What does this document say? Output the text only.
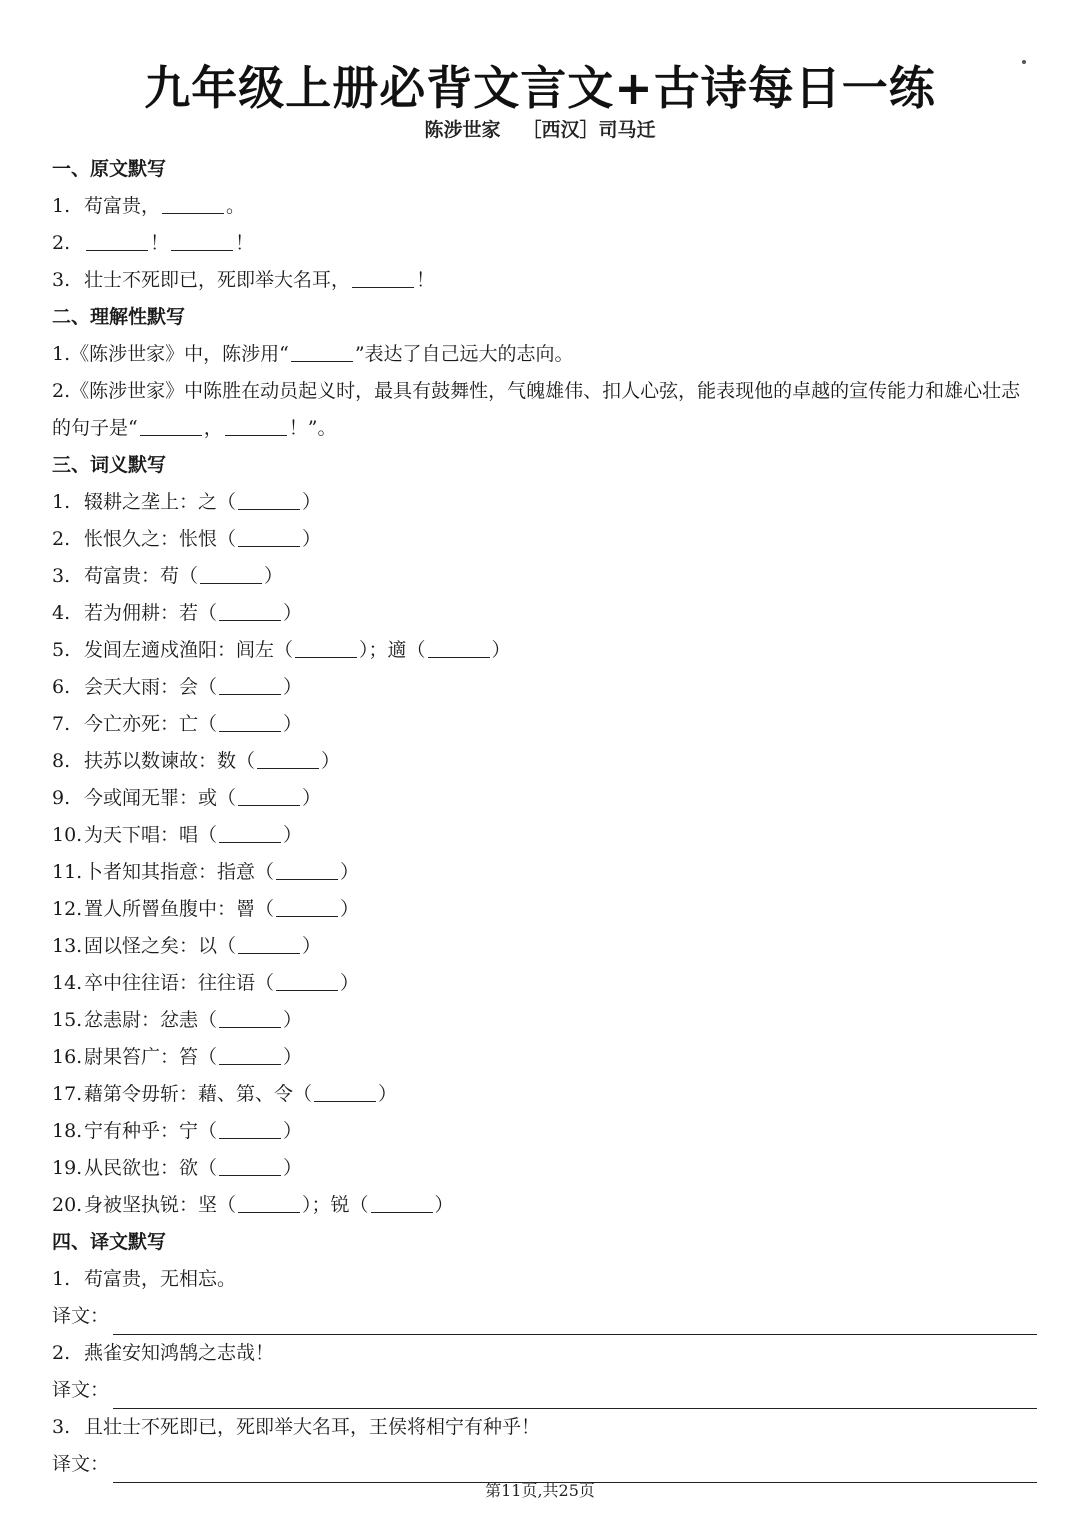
九年级上册必背文言文+古诗每日一练
陈涉世家 ［西汉］司马迁
一、原文默写
1. 苟富贵，	。
2.	！	！
3. 壮士不死即已，死即举大名耳，	！
二、理解性默写
1.《陈涉世家》中，陈涉用“	”表达了自己远大的志向。
2.《陈涉世家》中陈胜在动员起义时，最具有鼓舞性，气魄雄伟、扣人心弦，能表现他的卓越的宣传能力和雄心壮志的句子是“	，	！”。
三、词义默写
1. 辍耕之垄上：之（	）
2. 怅恨久之：怅恨（	）
3. 苟富贵：苟（	）
4. 若为佣耕：若（	）
5. 发闾左適戍渔阳：闾左（	）；適（	）
6. 会天大雨：会（	）
7. 今亡亦死：亡（	）
8. 扶苏以数谏故：数（	）
9. 今或闻无罪：或（	）
10.为天下唱：唱（	）
11.卜者知其指意：指意（	）
12.置人所罾鱼腹中：罾（	）
13.固以怪之矣：以（	）
14.卒中往往语：往往语（	）
15.忿恚尉：忿恚（	）
16.尉果笞广：笞（	）
17.藉第令毋斩：藉、第、令（	）
18.宁有种乎：宁（	）
19.从民欲也：欲（	）
20.身被坚执锐：坚（	）；锐（	）
四、译文默写
1. 苟富贵，无相忘。
译文：
2. 燕雀安知鸿鹄之志哉！
译文：
3. 且壮士不死即已，死即举大名耳，王侯将相宁有种乎！
译文：
第11页,共25页
